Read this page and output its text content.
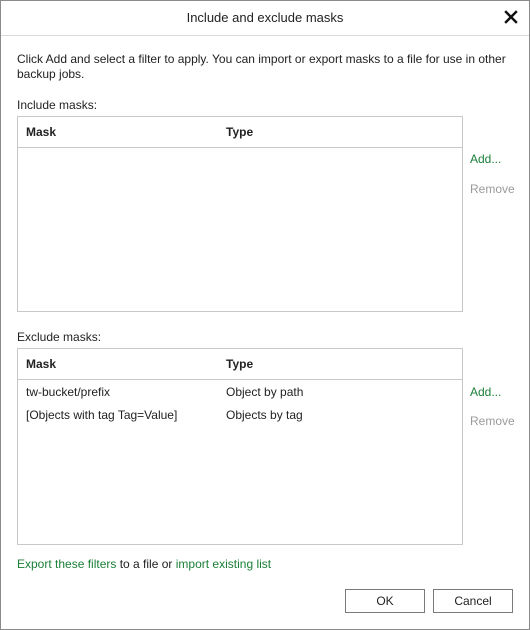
Include and exclude masks
Click Add and select a filter to apply. You can import or export masks to a file for use in other backup jobs.
Include masks:
Mask	Type
Add...
Remove
Exclude masks:
Mask	Type
tw-bucket/prefix	Object by path
[Objects with tag Tag=Value]	Objects by tag
Add...
Remove
Export these filters to a file or import existing list
OK	Cancel
